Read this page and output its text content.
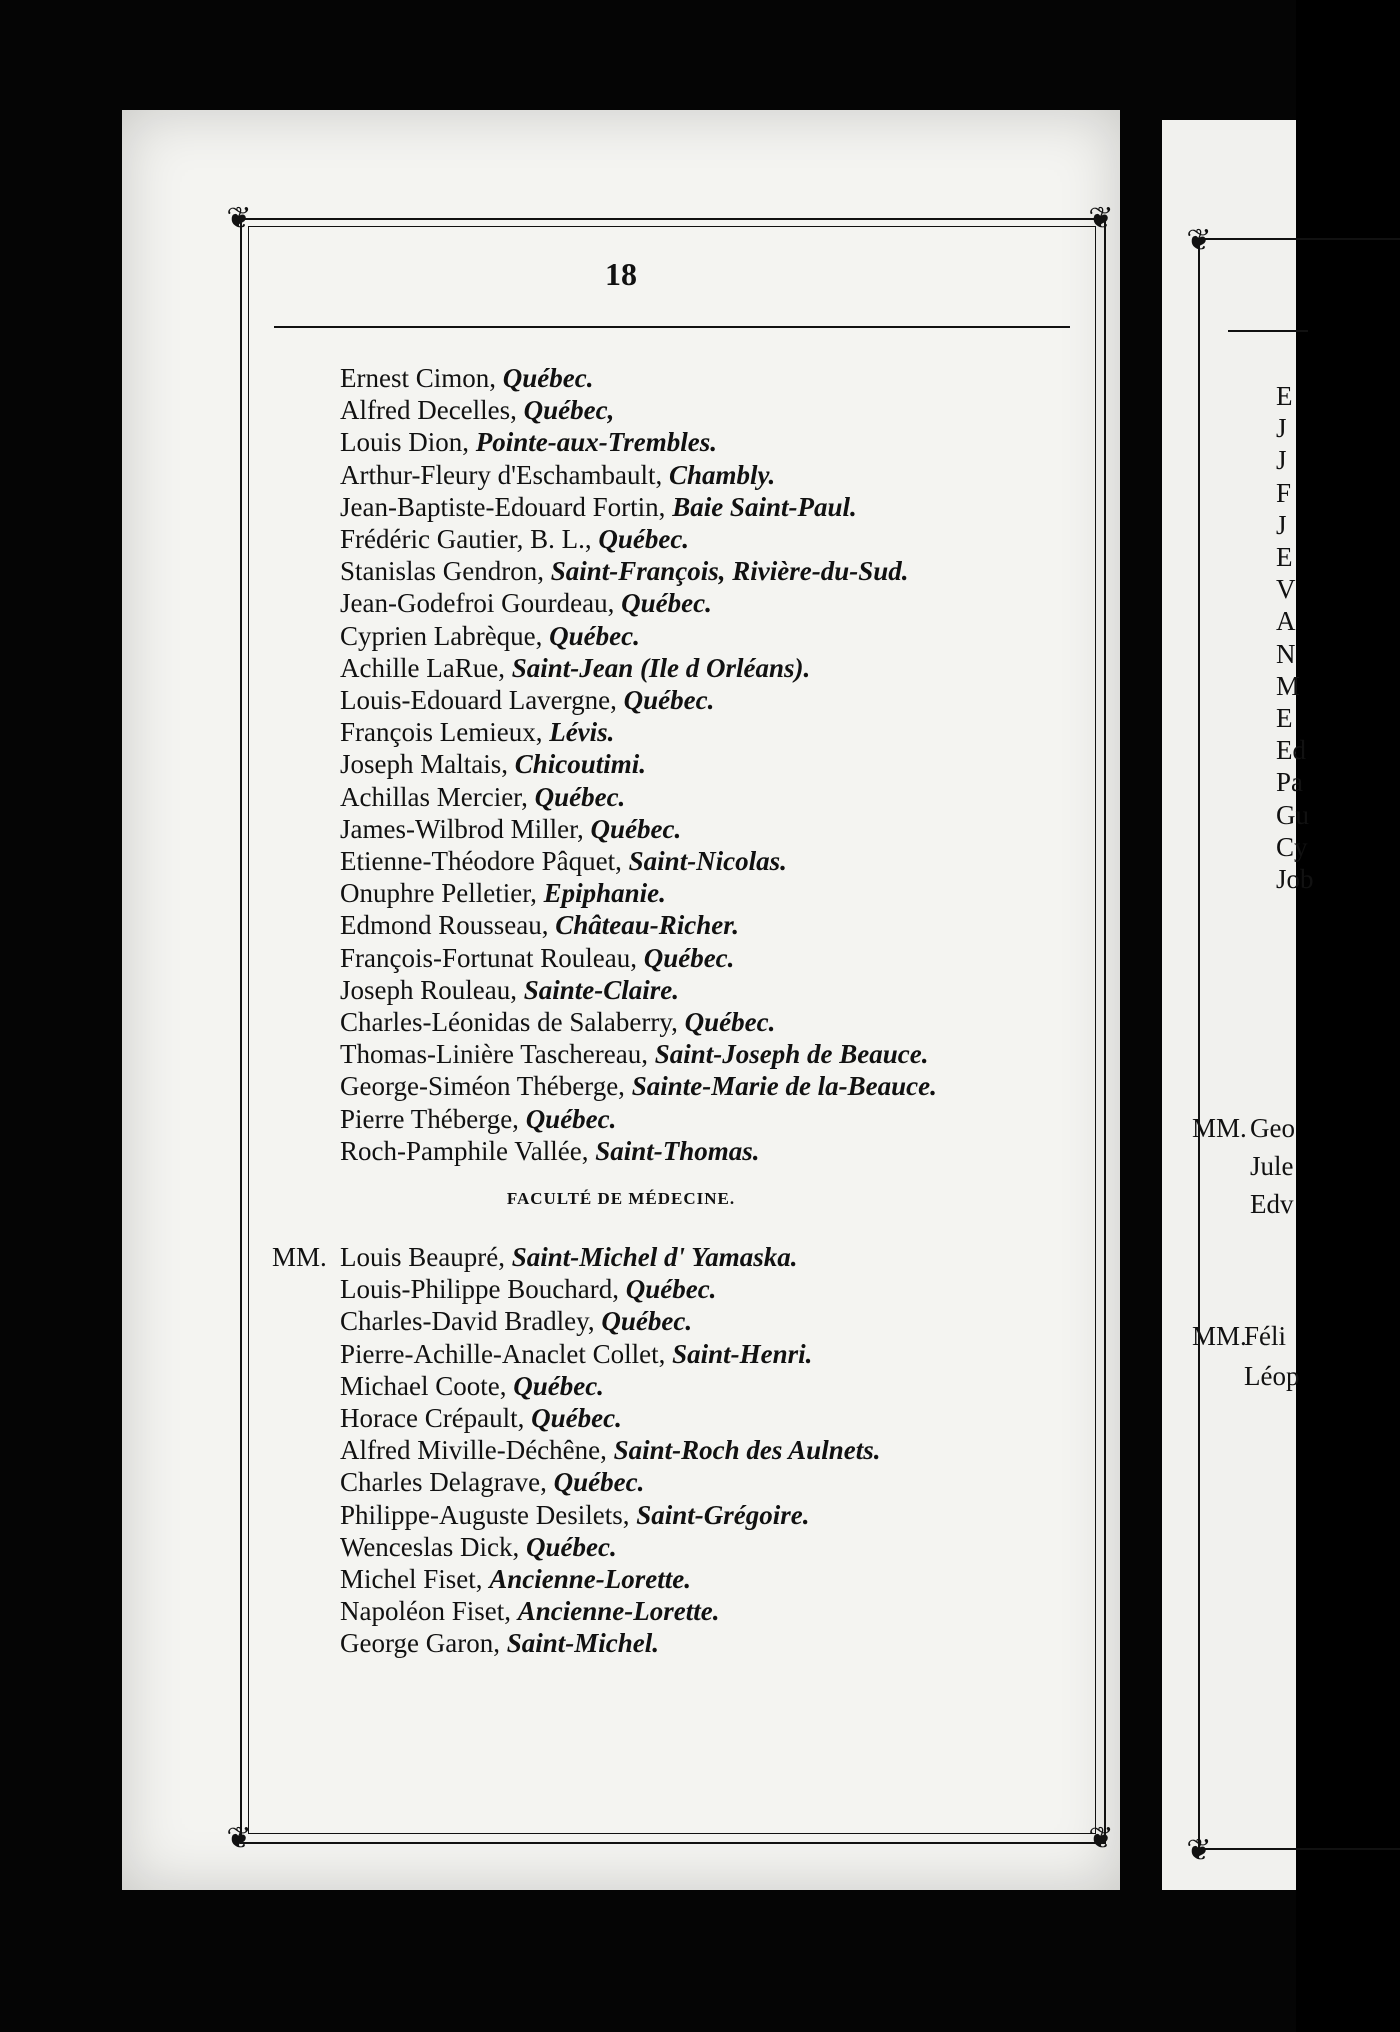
❦	❦
❦	❦
18
Ernest Cimon, Québec.
Alfred Decelles, Québec,
Louis Dion, Pointe-aux-Trembles.
Arthur-Fleury d'Eschambault, Chambly.
Jean-Baptiste-Edouard Fortin, Baie Saint-Paul.
Frédéric Gautier, B. L., Québec.
Stanislas Gendron, Saint-François, Rivière-du-Sud.
Jean-Godefroi Gourdeau, Québec.
Cyprien Labrèque, Québec.
Achille LaRue, Saint-Jean (Ile d Orléans).
Louis-Edouard Lavergne, Québec.
François Lemieux, Lévis.
Joseph Maltais, Chicoutimi.
Achillas Mercier, Québec.
James-Wilbrod Miller, Québec.
Etienne-Théodore Pâquet, Saint-Nicolas.
Onuphre Pelletier, Epiphanie.
Edmond Rousseau, Château-Richer.
François-Fortunat Rouleau, Québec.
Joseph Rouleau, Sainte-Claire.
Charles-Léonidas de Salaberry, Québec.
Thomas-Linière Taschereau, Saint-Joseph de Beauce.
George-Siméon Théberge, Sainte-Marie de la-Beauce.
Pierre Théberge, Québec.
Roch-Pamphile Vallée, Saint-Thomas.
MM. Louis Beaupré, Saint-Michel d' Yamaska.
Louis-Philippe Bouchard, Québec.
Charles-David Bradley, Québec.
Pierre-Achille-Anaclet Collet, Saint-Henri.
Michael Coote, Québec.
Horace Crépault, Québec.
Alfred Miville-Déchêne, Saint-Roch des Aulnets.
Charles Delagrave, Québec.
Philippe-Auguste Desilets, Saint-Grégoire.
Wenceslas Dick, Québec.
Michel Fiset, Ancienne-Lorette.
Napoléon Fiset, Ancienne-Lorette.
George Garon, Saint-Michel.
FACULTÉ DE MÉDECINE.
❦
❦
E
J
J
F
J
E
V
A
N
M
E
Ed
Pa
Gu
Cy
Job
MM. Geo
Jule
Edv
MM.
Féli
Léop
